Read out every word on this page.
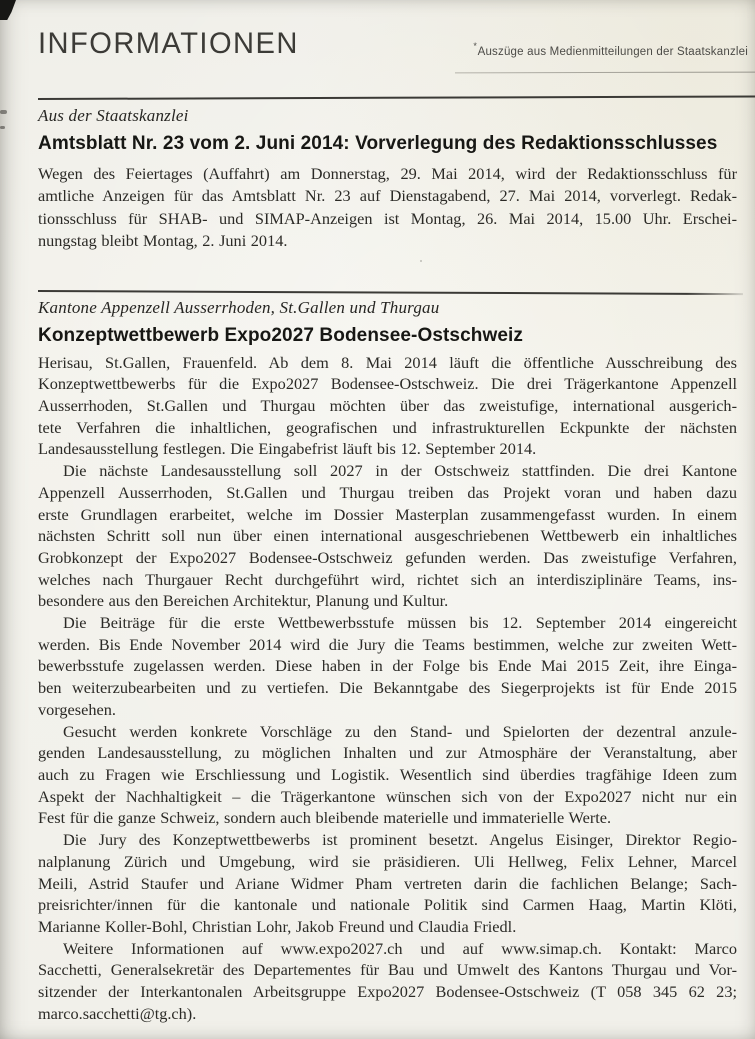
*Auszüge aus Medienmitteilungen der Staatskanzlei
INFORMATIONEN
Aus der Staatskanzlei
Amtsblatt Nr. 23 vom 2. Juni 2014: Vorverlegung des Redaktionsschlusses
Wegen des Feiertages (Auffahrt) am Donnerstag, 29. Mai 2014, wird der Redaktionsschluss für
amtliche Anzeigen für das Amtsblatt Nr. 23 auf Dienstagabend, 27. Mai 2014, vorverlegt. Redak-
tionsschluss für SHAB- und SIMAP-Anzeigen ist Montag, 26. Mai 2014, 15.00 Uhr. Erschei-
nungstag bleibt Montag, 2. Juni 2014.
Kantone Appenzell Ausserrhoden, St.Gallen und Thurgau
Konzeptwettbewerb Expo2027 Bodensee-Ostschweiz
Herisau, St.Gallen, Frauenfeld. Ab dem 8. Mai 2014 läuft die öffentliche Ausschreibung des
Konzeptwettbewerbs für die Expo2027 Bodensee-Ostschweiz. Die drei Trägerkantone Appenzell
Ausserrhoden, St.Gallen und Thurgau möchten über das zweistufige, international ausgerich-
tete Verfahren die inhaltlichen, geografischen und infrastrukturellen Eckpunkte der nächsten
Landesausstellung festlegen. Die Eingabefrist läuft bis 12. September 2014.
Die nächste Landesausstellung soll 2027 in der Ostschweiz stattfinden. Die drei Kantone
Appenzell Ausserrhoden, St.Gallen und Thurgau treiben das Projekt voran und haben dazu
erste Grundlagen erarbeitet, welche im Dossier Masterplan zusammengefasst wurden. In einem
nächsten Schritt soll nun über einen international ausgeschriebenen Wettbewerb ein inhaltliches
Grobkonzept der Expo2027 Bodensee-Ostschweiz gefunden werden. Das zweistufige Verfahren,
welches nach Thurgauer Recht durchgeführt wird, richtet sich an interdisziplinäre Teams, ins-
besondere aus den Bereichen Architektur, Planung und Kultur.
Die Beiträge für die erste Wettbewerbsstufe müssen bis 12. September 2014 eingereicht
werden. Bis Ende November 2014 wird die Jury die Teams bestimmen, welche zur zweiten Wett-
bewerbsstufe zugelassen werden. Diese haben in der Folge bis Ende Mai 2015 Zeit, ihre Einga-
ben weiterzubearbeiten und zu vertiefen. Die Bekanntgabe des Siegerprojekts ist für Ende 2015
vorgesehen.
Gesucht werden konkrete Vorschläge zu den Stand- und Spielorten der dezentral anzule-
genden Landesausstellung, zu möglichen Inhalten und zur Atmosphäre der Veranstaltung, aber
auch zu Fragen wie Erschliessung und Logistik. Wesentlich sind überdies tragfähige Ideen zum
Aspekt der Nachhaltigkeit – die Trägerkantone wünschen sich von der Expo2027 nicht nur ein
Fest für die ganze Schweiz, sondern auch bleibende materielle und immaterielle Werte.
Die Jury des Konzeptwettbewerbs ist prominent besetzt. Angelus Eisinger, Direktor Regio-
nalplanung Zürich und Umgebung, wird sie präsidieren. Uli Hellweg, Felix Lehner, Marcel
Meili, Astrid Staufer und Ariane Widmer Pham vertreten darin die fachlichen Belange; Sach-
preisrichter/innen für die kantonale und nationale Politik sind Carmen Haag, Martin Klöti,
Marianne Koller-Bohl, Christian Lohr, Jakob Freund und Claudia Friedl.
Weitere Informationen auf www.expo2027.ch und auf www.simap.ch. Kontakt: Marco
Sacchetti, Generalsekretär des Departementes für Bau und Umwelt des Kantons Thurgau und Vor-
sitzender der Interkantonalen Arbeitsgruppe Expo2027 Bodensee-Ostschweiz (T 058 345 62 23;
marco.sacchetti@tg.ch).
